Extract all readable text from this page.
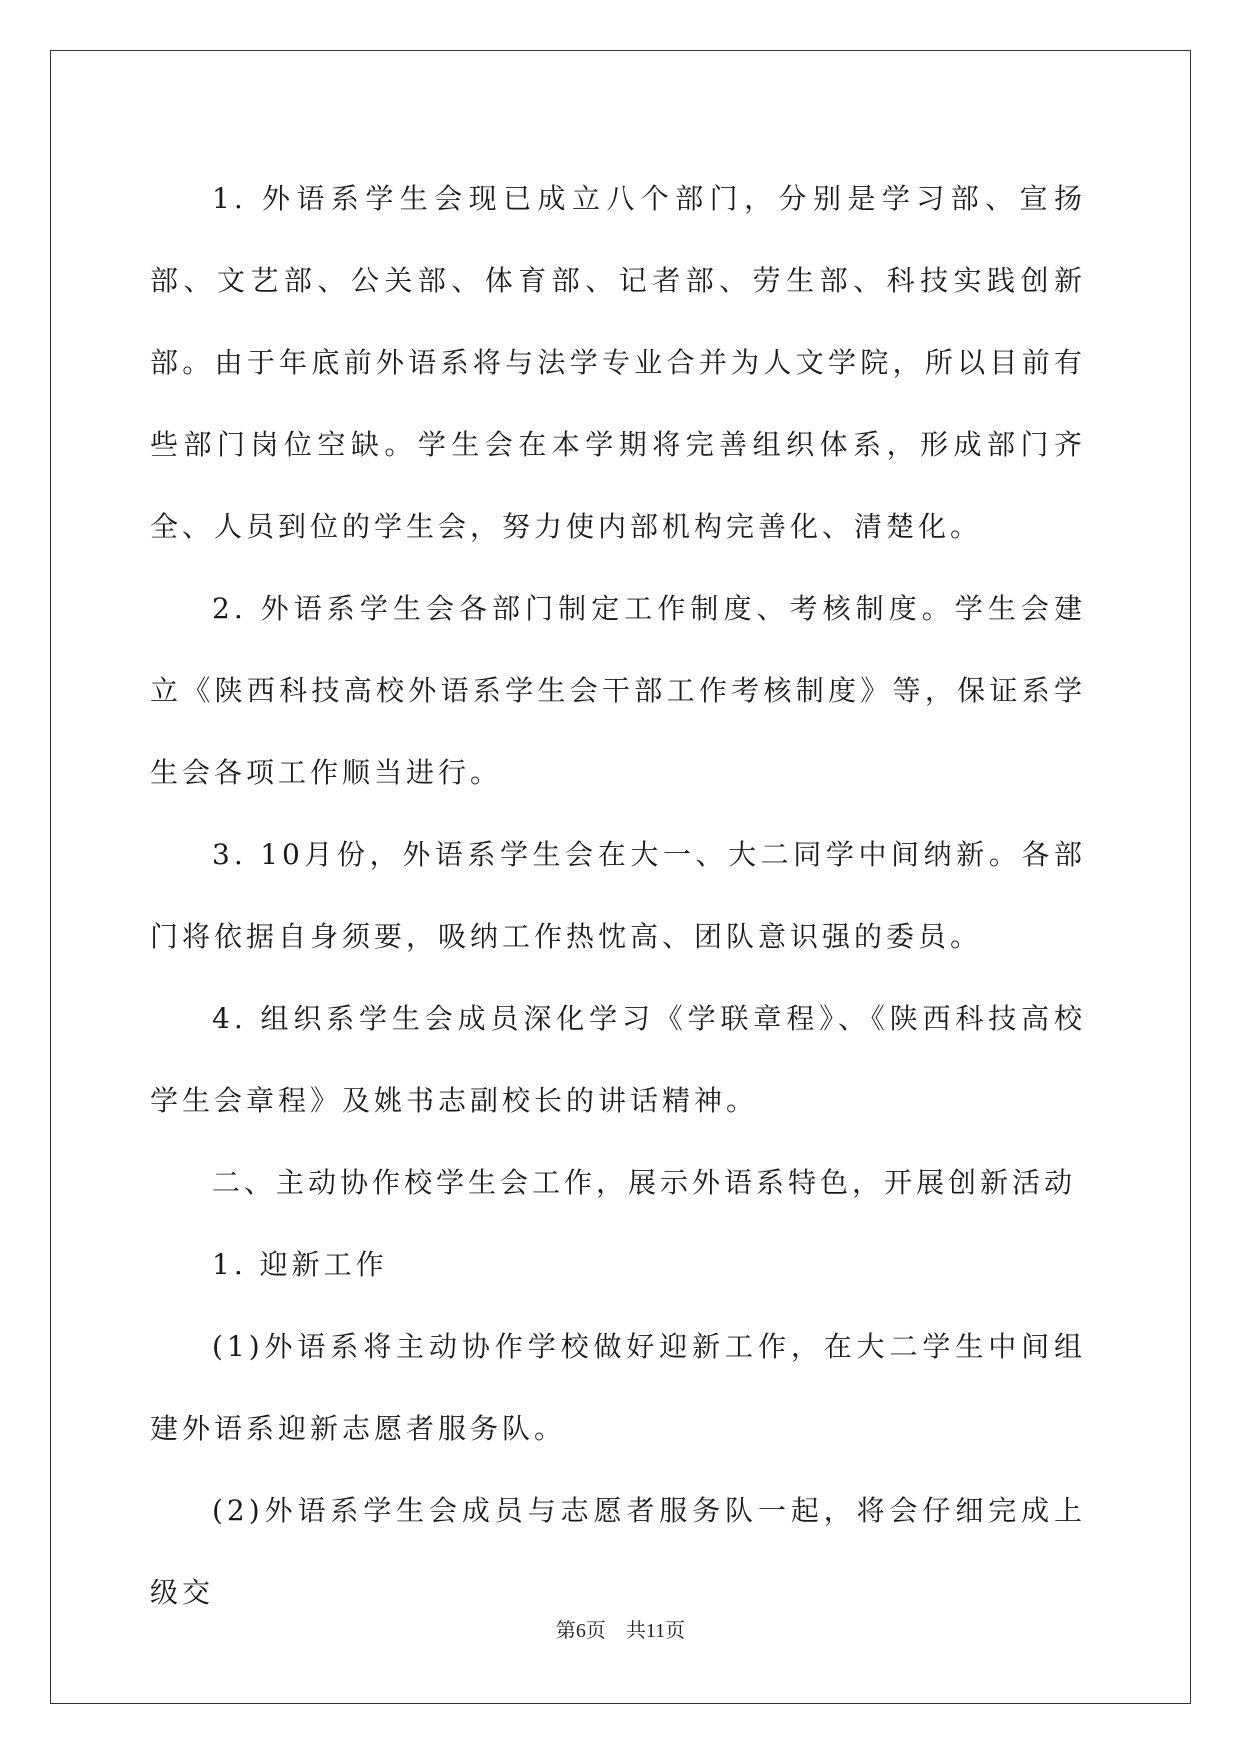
1. 外语系学生会现已成立八个部门，分别是学习部、宣扬部、文艺部、公关部、体育部、记者部、劳生部、科技实践创新部。由于年底前外语系将与法学专业合并为人文学院，所以目前有些部门岗位空缺。学生会在本学期将完善组织体系，形成部门齐全、人员到位的学生会，努力使内部机构完善化、清楚化。

2. 外语系学生会各部门制定工作制度、考核制度。学生会建立《陕西科技高校外语系学生会干部工作考核制度》等，保证系学生会各项工作顺当进行。

3. 10月份，外语系学生会在大一、大二同学中间纳新。各部门将依据自身须要，吸纳工作热忱高、团队意识强的委员。

4. 组织系学生会成员深化学习《学联章程》、《陕西科技高校学生会章程》及姚书志副校长的讲话精神。

二、主动协作校学生会工作，展示外语系特色，开展创新活动

1. 迎新工作

(1)外语系将主动协作学校做好迎新工作，在大二学生中间组建外语系迎新志愿者服务队。

(2)外语系学生会成员与志愿者服务队一起，将会仔细完成上级交

第6页 共11页
